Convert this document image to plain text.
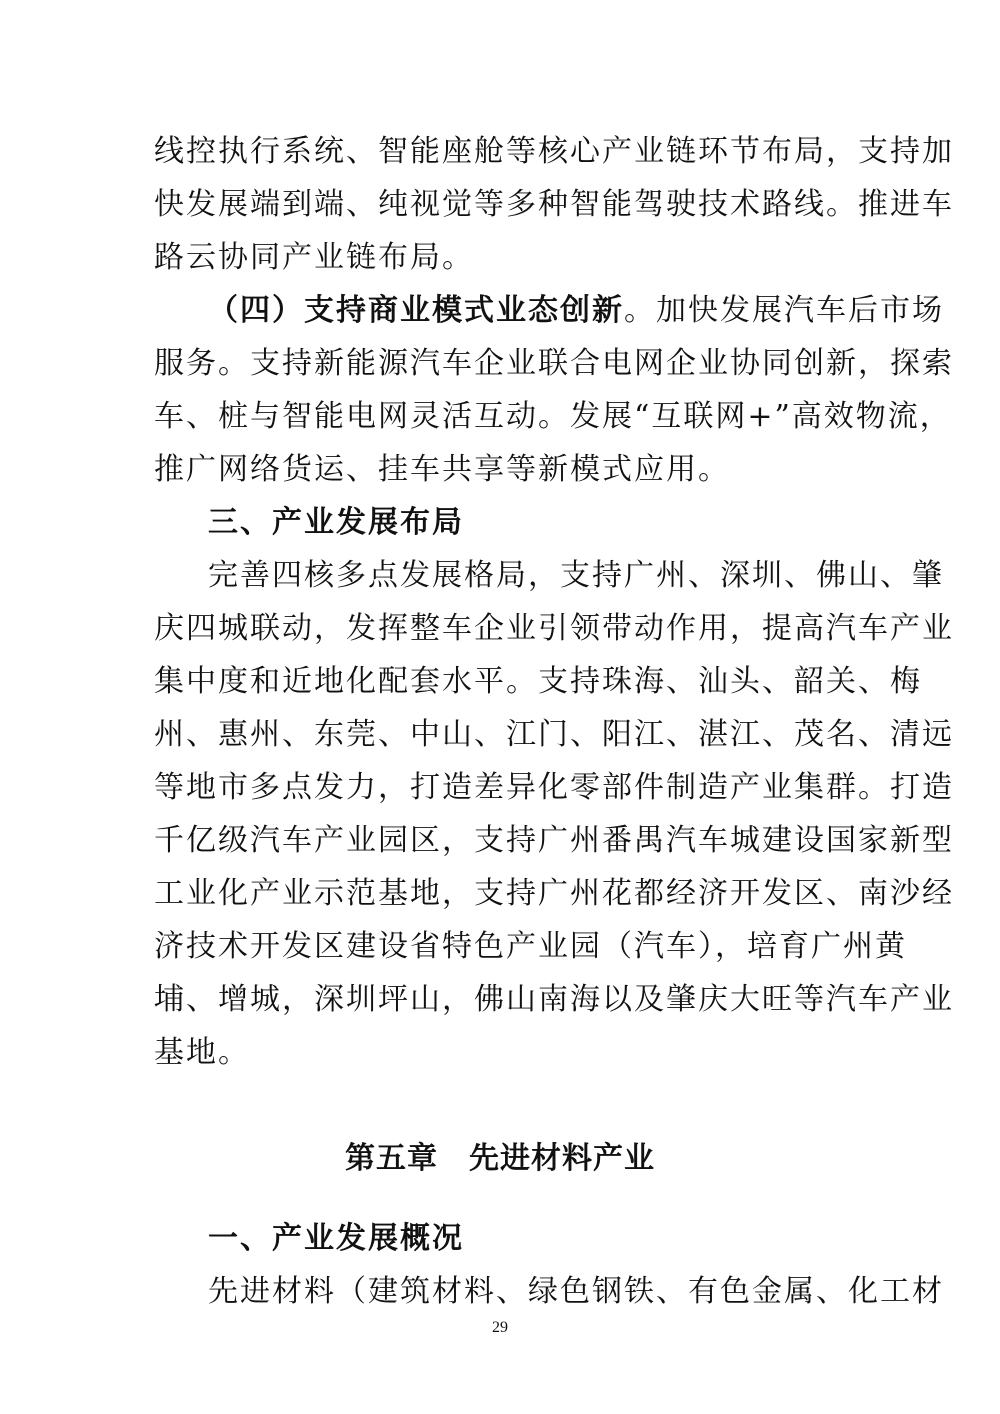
线控执行系统、智能座舱等核心产业链环节布局，支持加
快发展端到端、纯视觉等多种智能驾驶技术路线。推进车
路云协同产业链布局。
（四）支持商业模式业态创新。加快发展汽车后市场
服务。支持新能源汽车企业联合电网企业协同创新，探索
车、桩与智能电网灵活互动。发展“互联网+”高效物流，
推广网络货运、挂车共享等新模式应用。
三、产业发展布局
完善四核多点发展格局，支持广州、深圳、佛山、肇
庆四城联动，发挥整车企业引领带动作用，提高汽车产业
集中度和近地化配套水平。支持珠海、汕头、韶关、梅
州、惠州、东莞、中山、江门、阳江、湛江、茂名、清远
等地市多点发力，打造差异化零部件制造产业集群。打造
千亿级汽车产业园区，支持广州番禺汽车城建设国家新型
工业化产业示范基地，支持广州花都经济开发区、南沙经
济技术开发区建设省特色产业园（汽车），培育广州黄
埔、增城，深圳坪山，佛山南海以及肇庆大旺等汽车产业
基地。
第五章　先进材料产业
一、产业发展概况
先进材料（建筑材料、绿色钢铁、有色金属、化工材
29
